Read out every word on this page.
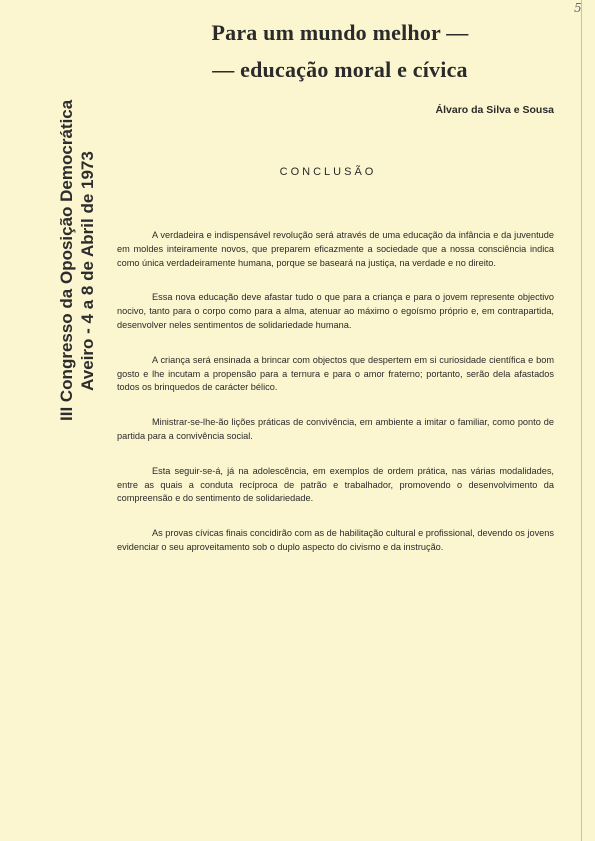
5
Para um mundo melhor —
— educação moral e cívica
Álvaro da Silva e Sousa
III Congresso da Oposição Democrática Aveiro - 4 a 8 de Abril de 1973	CONCLUSÃO

A verdadeira e indispensável revolução será através de uma educação da infância e da juventude em moldes inteiramente novos, que preparem eficazmente a sociedade que a nossa consciência indica como única verdadeiramente humana, porque se baseará na justiça, na verdade e no direito.

Essa nova educação deve afastar tudo o que para a criança e para o jovem represente objectivo nocivo, tanto para o corpo como para a alma, atenuar ao máximo o egoísmo próprio e, em contrapartida, desenvolver neles sentimentos de solidariedade humana.

A criança será ensinada a brincar com objectos que despertem em si curiosidade científica e bom gosto e lhe incutam a propensão para a ternura e para o amor fraterno; portanto, serão dela afastados todos os brinquedos de carácter bélico.

Ministrar-se-lhe-ão lições práticas de convivência, em ambiente a imitar o familiar, como ponto de partida para a convivência social.

Esta seguir-se-á, já na adolescência, em exemplos de ordem prática, nas várias modalidades, entre as quais a conduta recíproca de patrão e trabalhador, promovendo o desenvolvimento da compreensão e do sentimento de solidariedade.

As provas cívicas finais concidirão com as de habilitação cultural e profissional, devendo os jovens evidenciar o seu aproveitamento sob o duplo aspecto do civismo e da instrução.
